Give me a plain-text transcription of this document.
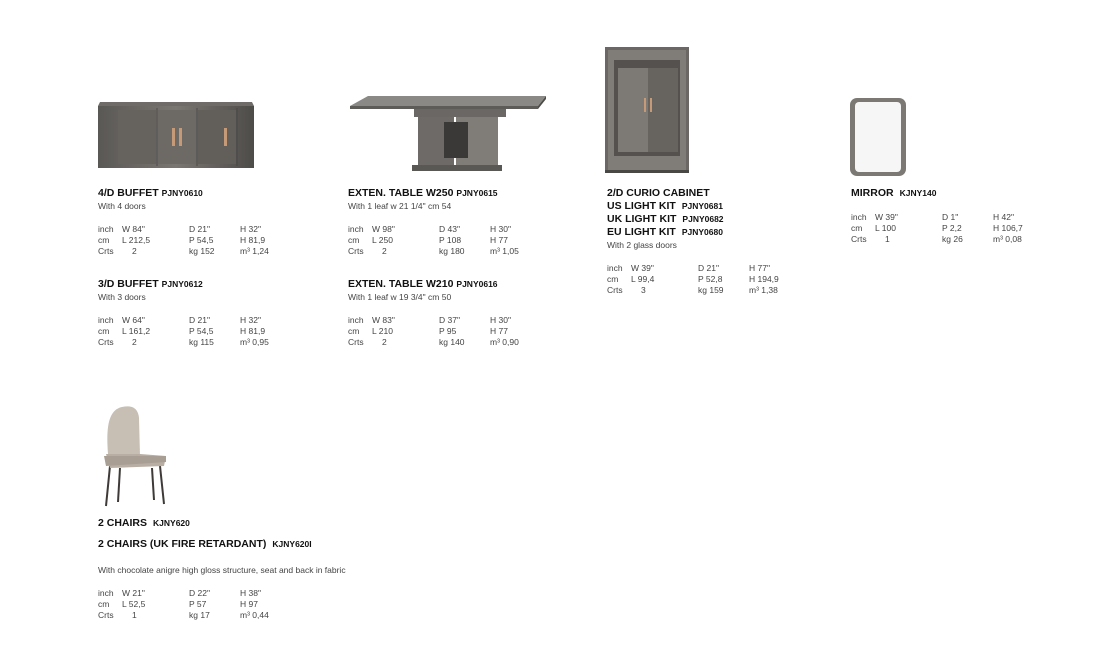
4/D BUFFET PJNY0610
With 4 doors
inch	W 84"	D 21"	H 32"
cm	L 212,5	P 54,5	H 81,9
Crts	2	kg 152	m³ 1,24
3/D BUFFET PJNY0612
With 3 doors
inch	W 64"	D 21"	H 32"
cm	L 161,2	P 54,5	H 81,9
Crts	2	kg 115	m³ 0,95
EXTEN. TABLE W250 PJNY0615
With 1 leaf w 21 1/4" cm 54
inch	W 98"	D 43"	H 30"
cm	L 250	P 108	H 77
Crts	2	kg 180	m³ 1,05
EXTEN. TABLE W210 PJNY0616
With 1 leaf w 19 3/4" cm 50
inch	W 83"	D 37"	H 30"
cm	L 210	P 95	H 77
Crts	2	kg 140	m³ 0,90
2/D CURIO CABINET
US LIGHT KIT PJNY0681
UK LIGHT KIT PJNY0682
EU LIGHT KIT PJNY0680
With 2 glass doors
inch	W 39"	D 21"	H 77"
cm	L 99,4	P 52,8	H 194,9
Crts	3	kg 159	m³ 1,38
MIRROR KJNY140
inch	W 39"	D 1"	H 42"
cm	L 100	P 2,2	H 106,7
Crts	1	kg 26	m³ 0,08
2 CHAIRS KJNY620
2 CHAIRS (UK FIRE RETARDANT) KJNY620I
With chocolate anigre high gloss structure, seat and back in fabric
inch	W 21"	D 22"	H 38"
cm	L 52,5	P 57	H 97
Crts	1	kg 17	m³ 0,44
